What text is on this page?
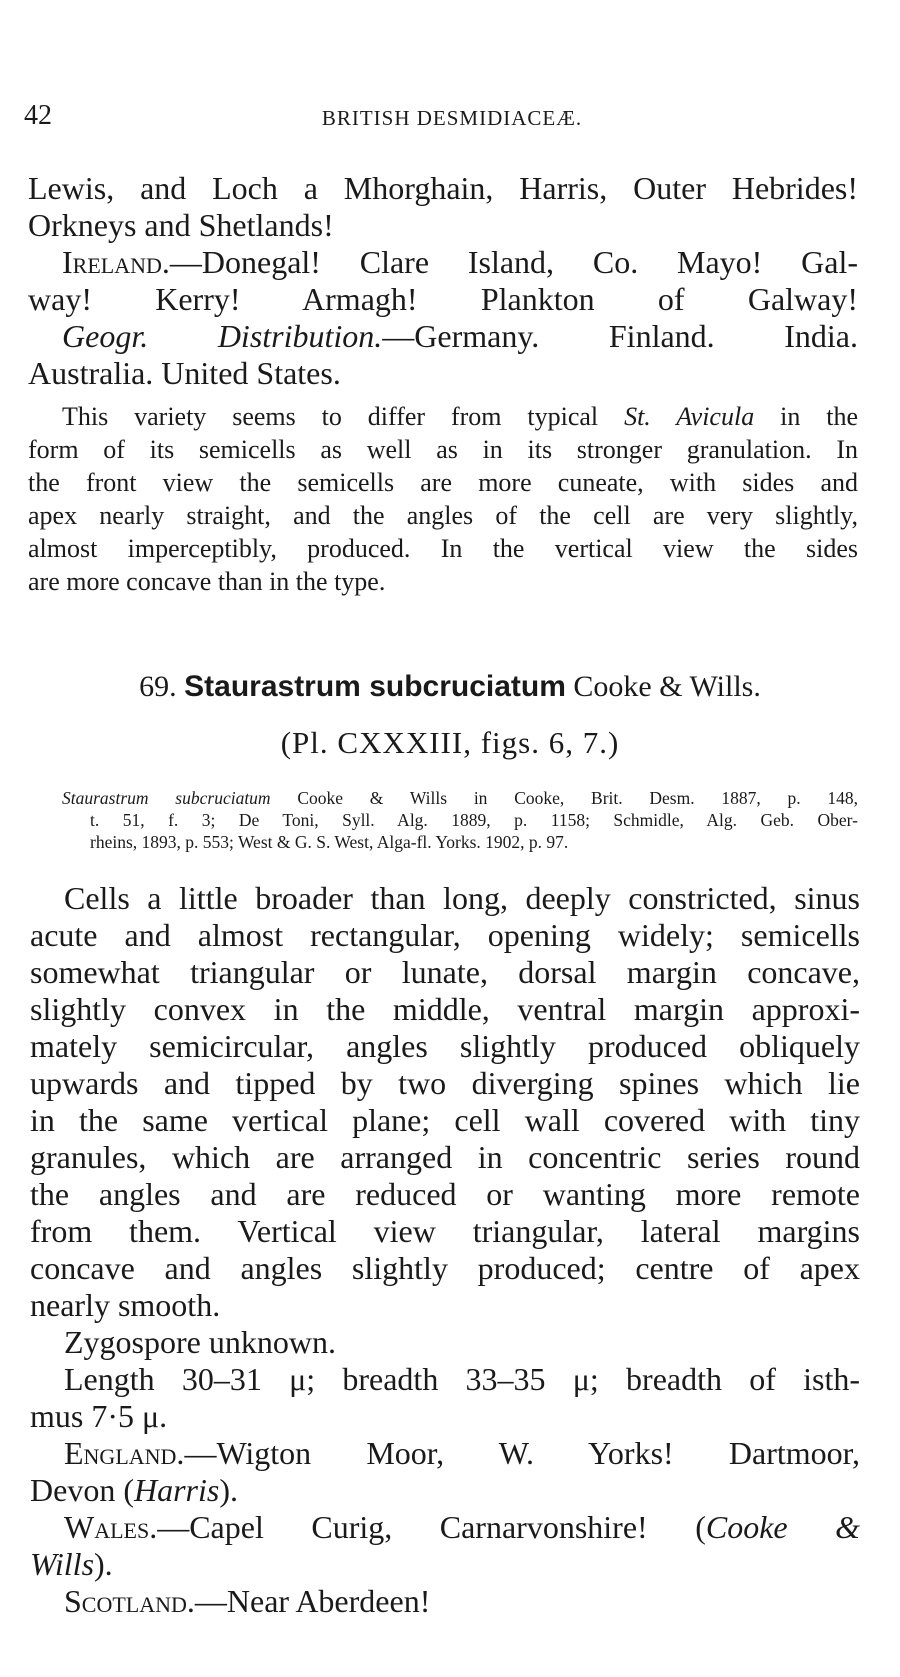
42	BRITISH DESMIDIACEÆ.
Lewis, and Loch a Mhorghain, Harris, Outer Hebrides!
Orkneys and Shetlands!
Ireland.—Donegal! Clare Island, Co. Mayo! Gal-
way! Kerry! Armagh! Plankton of Galway!
Geogr. Distribution.—Germany. Finland. India.
Australia. United States.
This variety seems to differ from typical St. Avicula in the
form of its semicells as well as in its stronger granulation. In
the front view the semicells are more cuneate, with sides and
apex nearly straight, and the angles of the cell are very slightly,
almost imperceptibly, produced. In the vertical view the sides
are more concave than in the type.
69. Staurastrum subcruciatum Cooke & Wills.
(Pl. CXXXIII, figs. 6, 7.)
Staurastrum subcruciatum Cooke & Wills in Cooke, Brit. Desm. 1887, p. 148,
t. 51, f. 3; De Toni, Syll. Alg. 1889, p. 1158; Schmidle, Alg. Geb. Ober-
rheins, 1893, p. 553; West & G. S. West, Alga-fl. Yorks. 1902, p. 97.
Cells a little broader than long, deeply constricted, sinus
acute and almost rectangular, opening widely; semicells
somewhat triangular or lunate, dorsal margin concave,
slightly convex in the middle, ventral margin approxi-
mately semicircular, angles slightly produced obliquely
upwards and tipped by two diverging spines which lie
in the same vertical plane; cell wall covered with tiny
granules, which are arranged in concentric series round
the angles and are reduced or wanting more remote
from them. Vertical view triangular, lateral margins
concave and angles slightly produced; centre of apex
nearly smooth.
Zygospore unknown.
Length 30–31 μ; breadth 33–35 μ; breadth of isth-
mus 7·5 μ.
England.—Wigton Moor, W. Yorks! Dartmoor,
Devon (Harris).
Wales.—Capel Curig, Carnarvonshire! (Cooke &
Wills).
Scotland.—Near Aberdeen!
